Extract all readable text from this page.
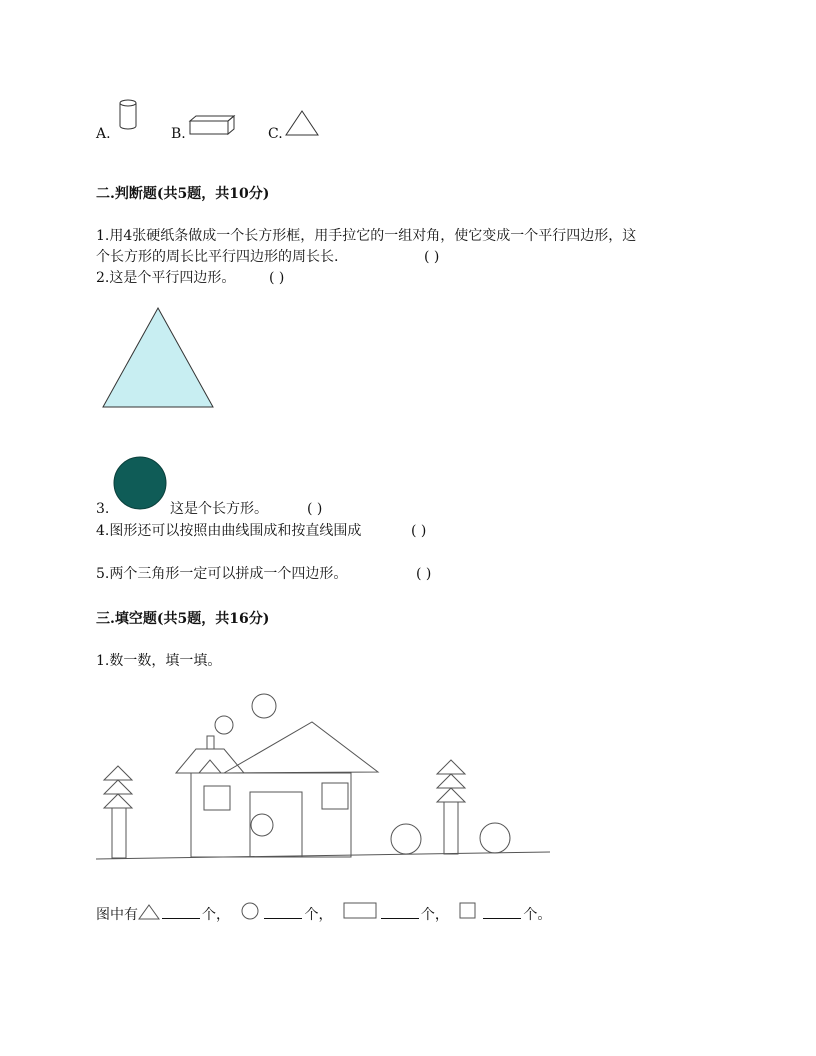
A.	B.	C.
二.判断题(共5题，共10分)
1.用4张硬纸条做成一个长方形框，用手拉它的一组对角，使它变成一个平行四边形，这
个长方形的周长比平行四边形的周长长.	( )
2.这是个平行四边形。 ( )
3.	这是个长方形。	( )
4.图形还可以按照由曲线围成和按直线围成	( )
5.两个三角形一定可以拼成一个四边形。	( )
三.填空题(共5题，共16分)
1.数一数，填一填。
图中有	个，	个，	个，	个。
